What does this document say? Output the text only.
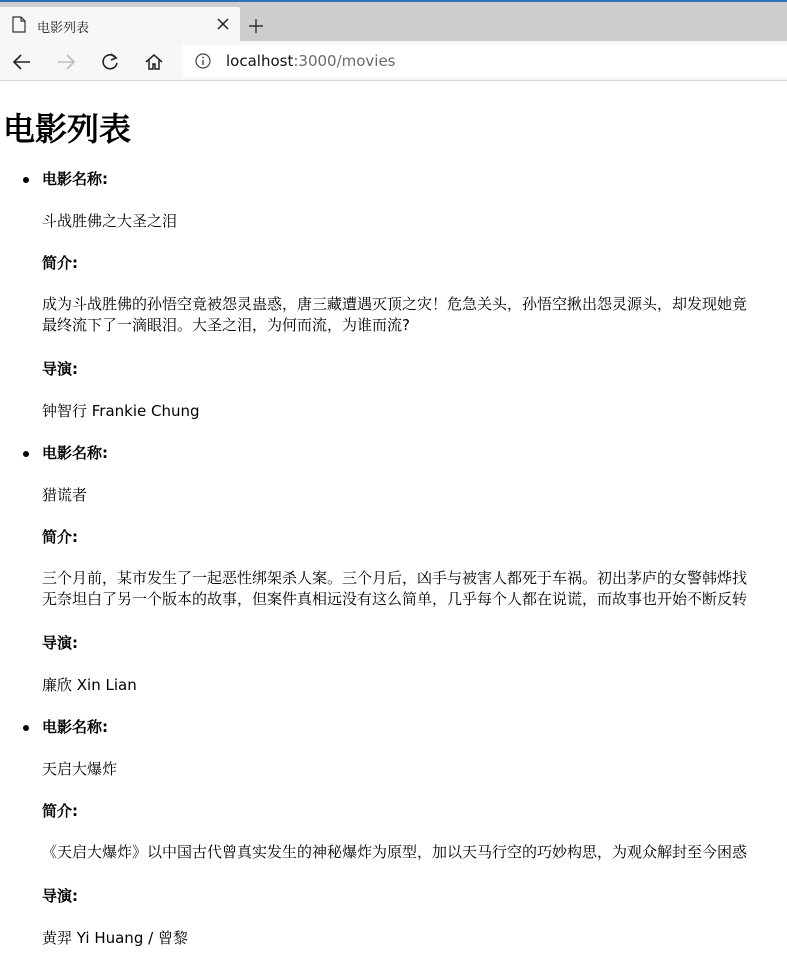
电影列表
localhost:3000/movies
电影列表
电影名称:
斗战胜佛之大圣之泪
简介:
成为斗战胜佛的孙悟空竟被怨灵蛊惑，唐三藏遭遇灭顶之灾！危急关头，孙悟空揪出怨灵源头，却发现她竟
最终流下了一滴眼泪。大圣之泪，为何而流，为谁而流?
导演:
钟智行 Frankie Chung
电影名称:
猎谎者
简介:
三个月前，某市发生了一起恶性绑架杀人案。三个月后，凶手与被害人都死于车祸。初出茅庐的女警韩烨找
无奈坦白了另一个版本的故事，但案件真相远没有这么简单，几乎每个人都在说谎，而故事也开始不断反转
导演:
廉欣 Xin Lian
电影名称:
天启大爆炸
简介:
《天启大爆炸》以中国古代曾真实发生的神秘爆炸为原型，加以天马行空的巧妙构思，为观众解封至今困惑
导演:
黄羿 Yi Huang / 曾黎
